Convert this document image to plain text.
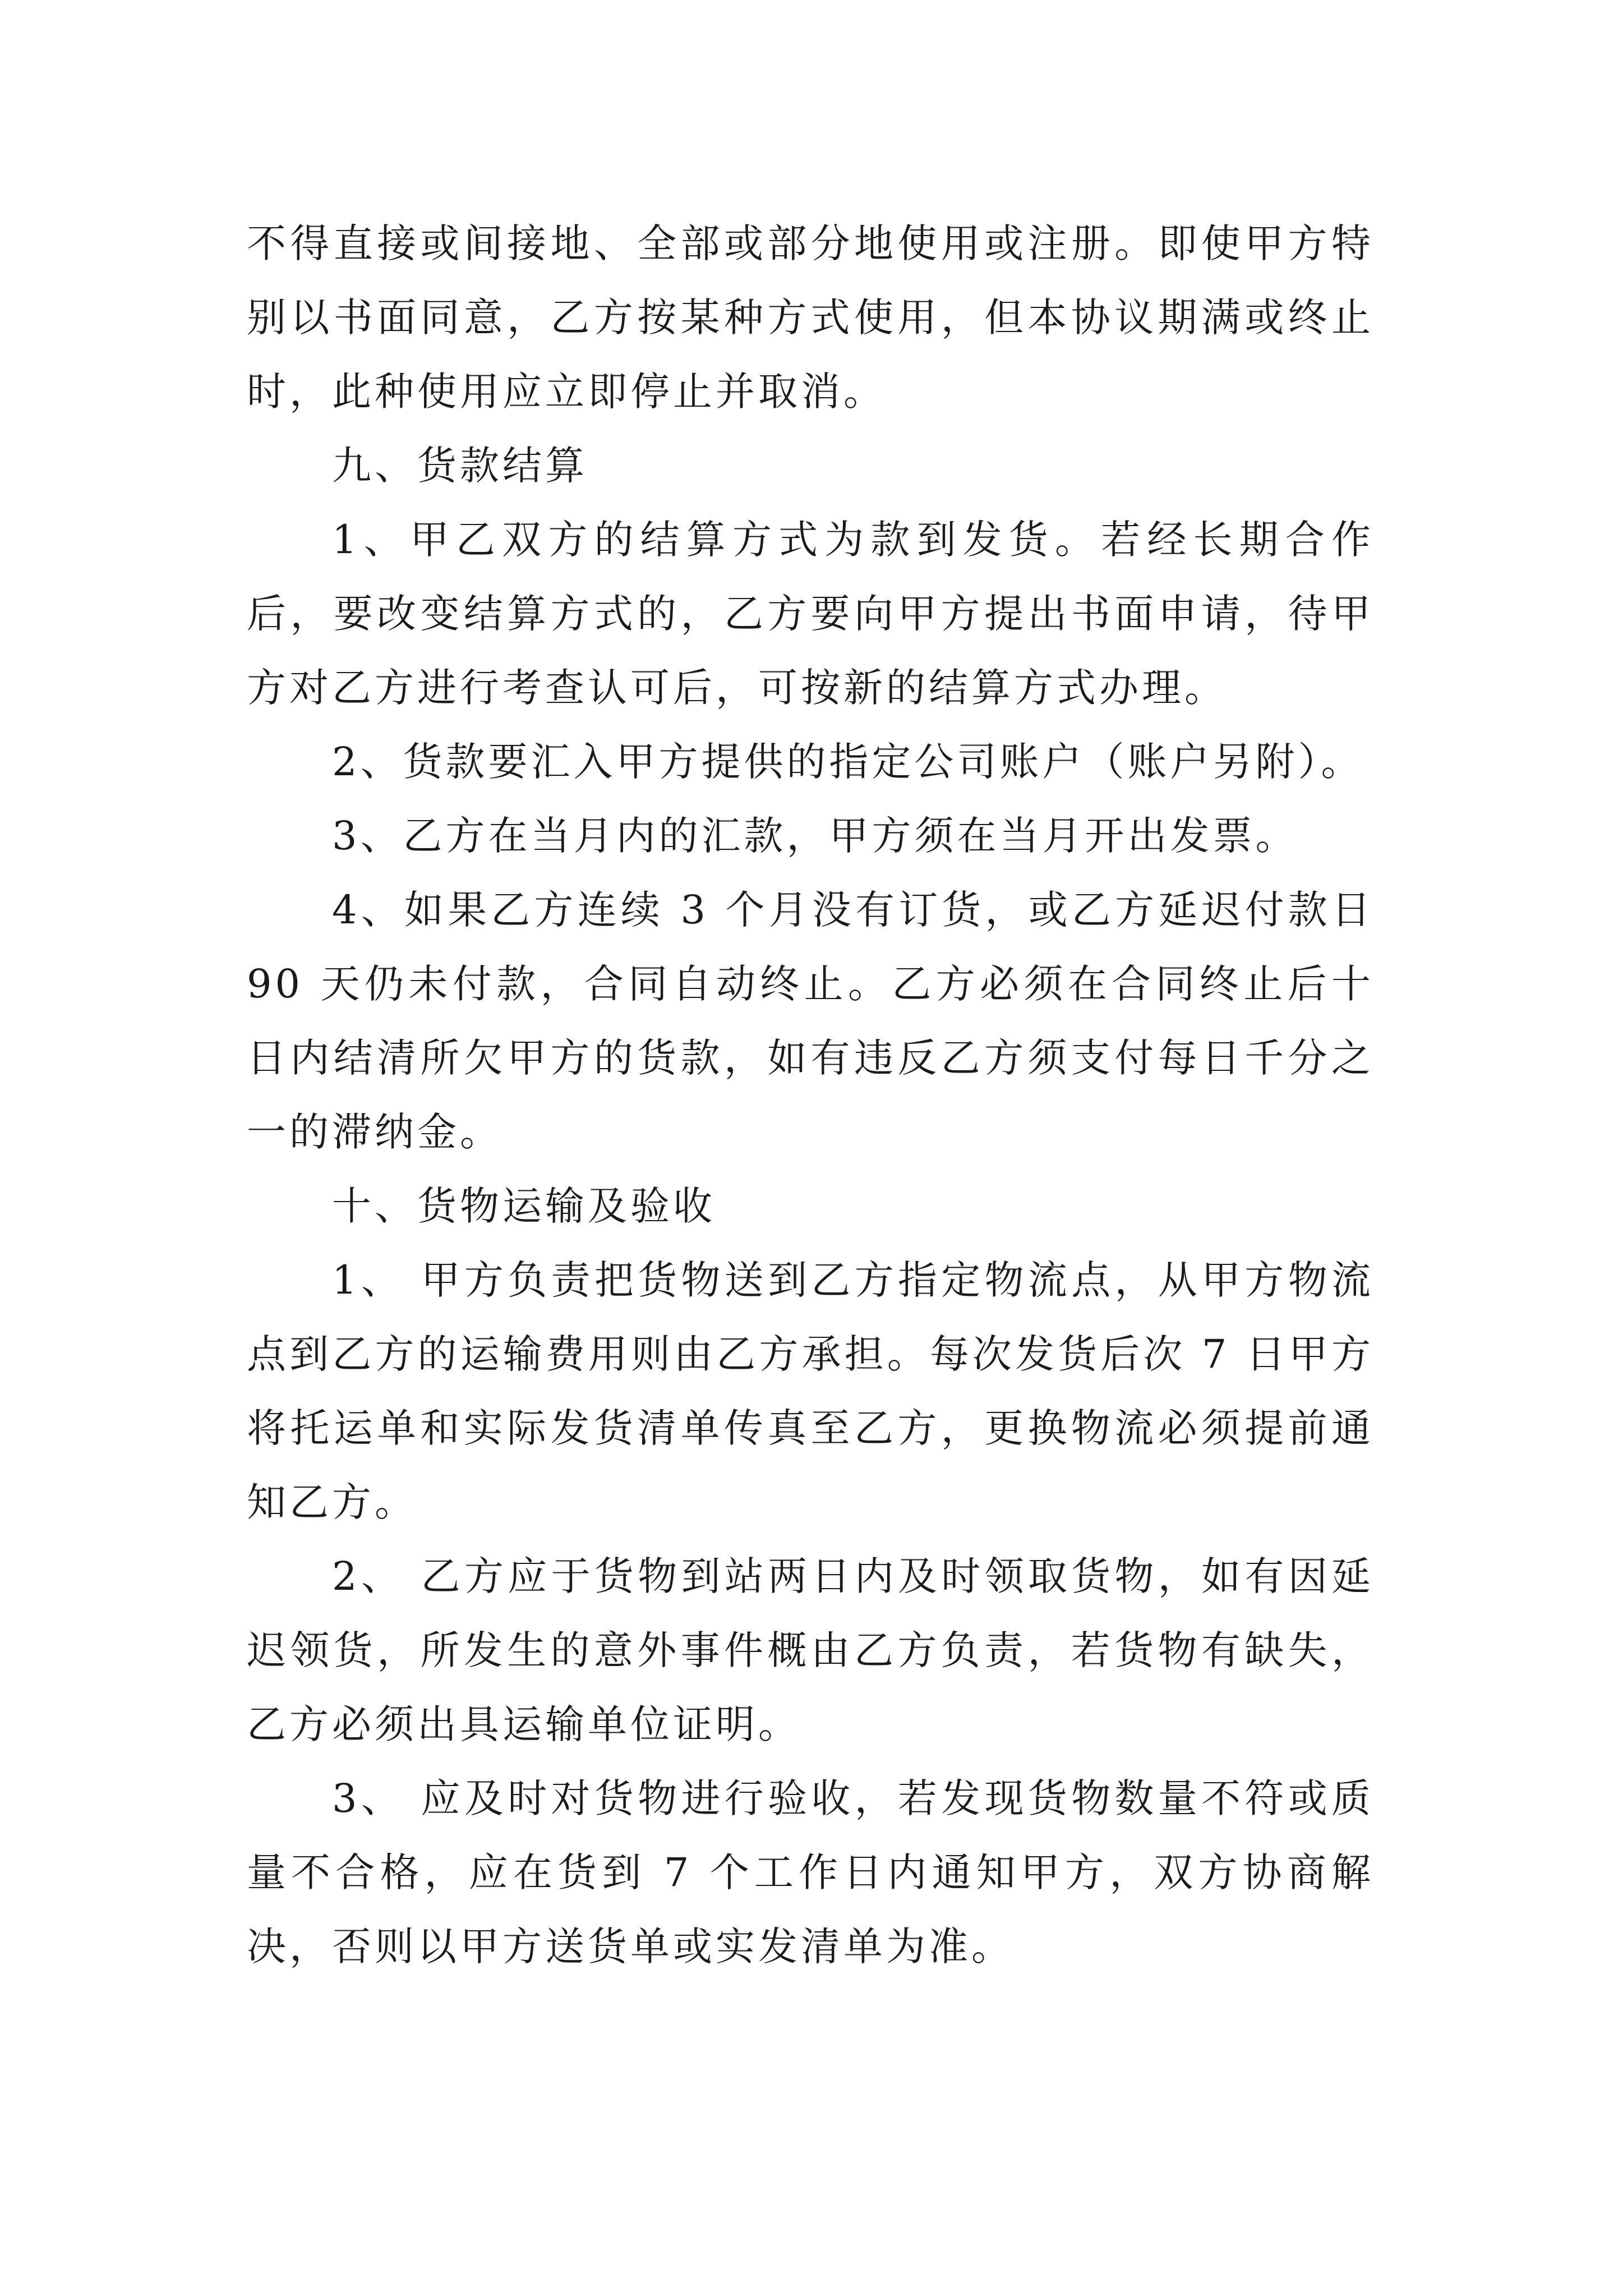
不得直接或间接地、全部或部分地使用或注册。即使甲方特别以书面同意，乙方按某种方式使用，但本协议期满或终止时，此种使用应立即停止并取消。

九、货款结算

1、甲乙双方的结算方式为款到发货。若经长期合作后，要改变结算方式的，乙方要向甲方提出书面申请，待甲方对乙方进行考查认可后，可按新的结算方式办理。

2、货款要汇入甲方提供的指定公司账户（账户另附）。

3、乙方在当月内的汇款，甲方须在当月开出发票。

4、如果乙方连续 3 个月没有订货，或乙方延迟付款日 90 天仍未付款，合同自动终止。乙方必须在合同终止后十日内结清所欠甲方的货款，如有违反乙方须支付每日千分之一的滞纳金。

十、货物运输及验收

1、 甲方负责把货物送到乙方指定物流点，从甲方物流点到乙方的运输费用则由乙方承担。每次发货后次 7 日甲方将托运单和实际发货清单传真至乙方，更换物流必须提前通知乙方。

2、 乙方应于货物到站两日内及时领取货物，如有因延迟领货，所发生的意外事件概由乙方负责，若货物有缺失，乙方必须出具运输单位证明。

3、 应及时对货物进行验收，若发现货物数量不符或质量不合格，应在货到 7 个工作日内通知甲方，双方协商解决，否则以甲方送货单或实发清单为准。
